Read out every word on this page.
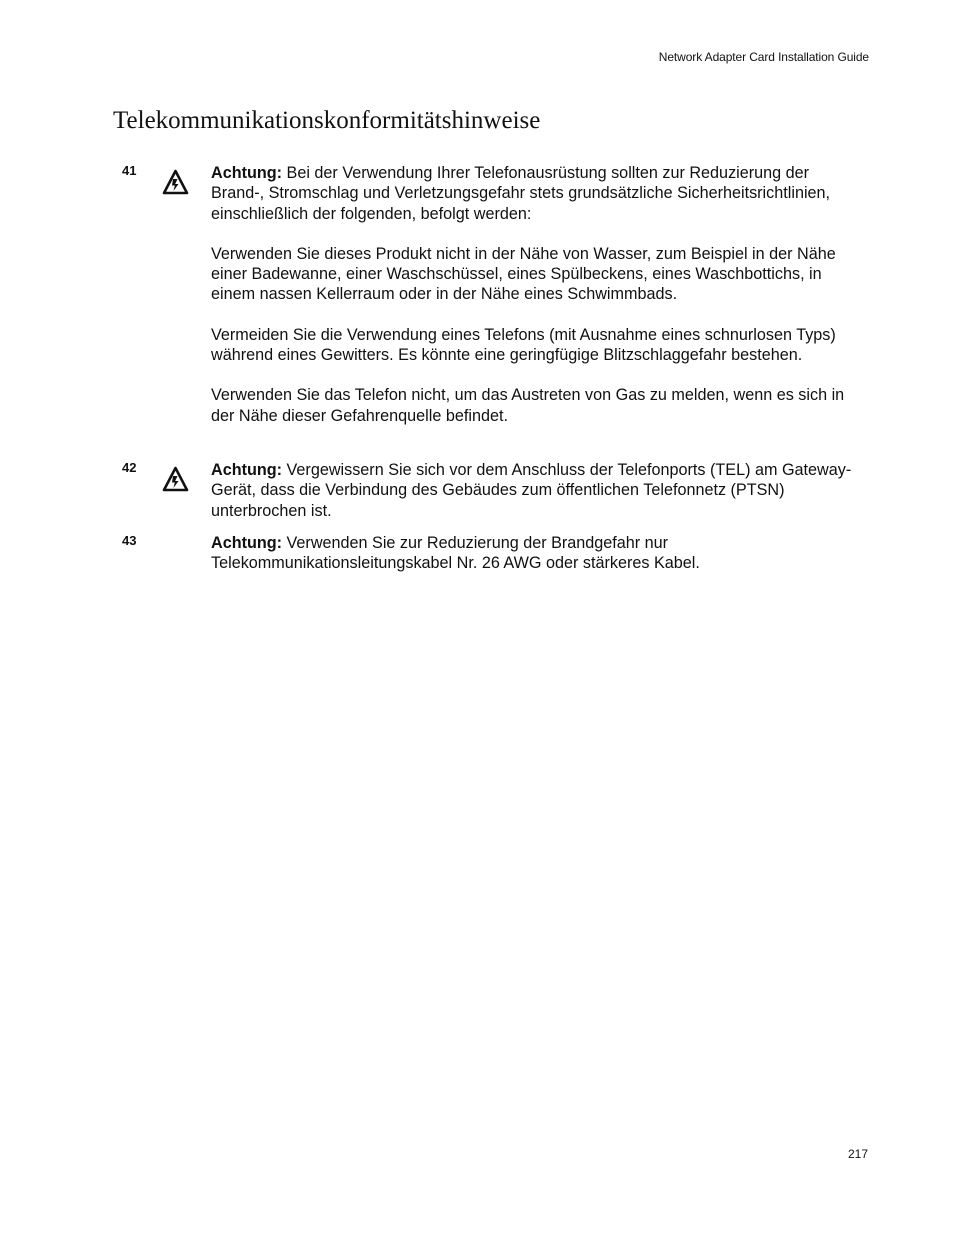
Network Adapter Card Installation Guide
Telekommunikationskonformitätshinweise
41	Achtung: Bei der Verwendung Ihrer Telefonausrüstung sollten zur Reduzierung der Brand-, Stromschlag und Verletzungsgefahr stets grundsätzliche Sicherheitsrichtlinien, einschließlich der folgenden, befolgt werden:

Verwenden Sie dieses Produkt nicht in der Nähe von Wasser, zum Beispiel in der Nähe einer Badewanne, einer Waschschüssel, eines Spülbeckens, eines Waschbottichs, in einem nassen Kellerraum oder in der Nähe eines Schwimmbads.

Vermeiden Sie die Verwendung eines Telefons (mit Ausnahme eines schnurlosen Typs) während eines Gewitters. Es könnte eine geringfügige Blitzschlaggefahr bestehen.

Verwenden Sie das Telefon nicht, um das Austreten von Gas zu melden, wenn es sich in der Nähe dieser Gefahrenquelle befindet.

42	Achtung: Vergewissern Sie sich vor dem Anschluss der Telefonports (TEL) am Gateway-Gerät, dass die Verbindung des Gebäudes zum öffentlichen Telefonnetz (PTSN) unterbrochen ist.

43	Achtung: Verwenden Sie zur Reduzierung der Brandgefahr nur Telekommunikationsleitungskabel Nr. 26 AWG oder stärkeres Kabel.

217
